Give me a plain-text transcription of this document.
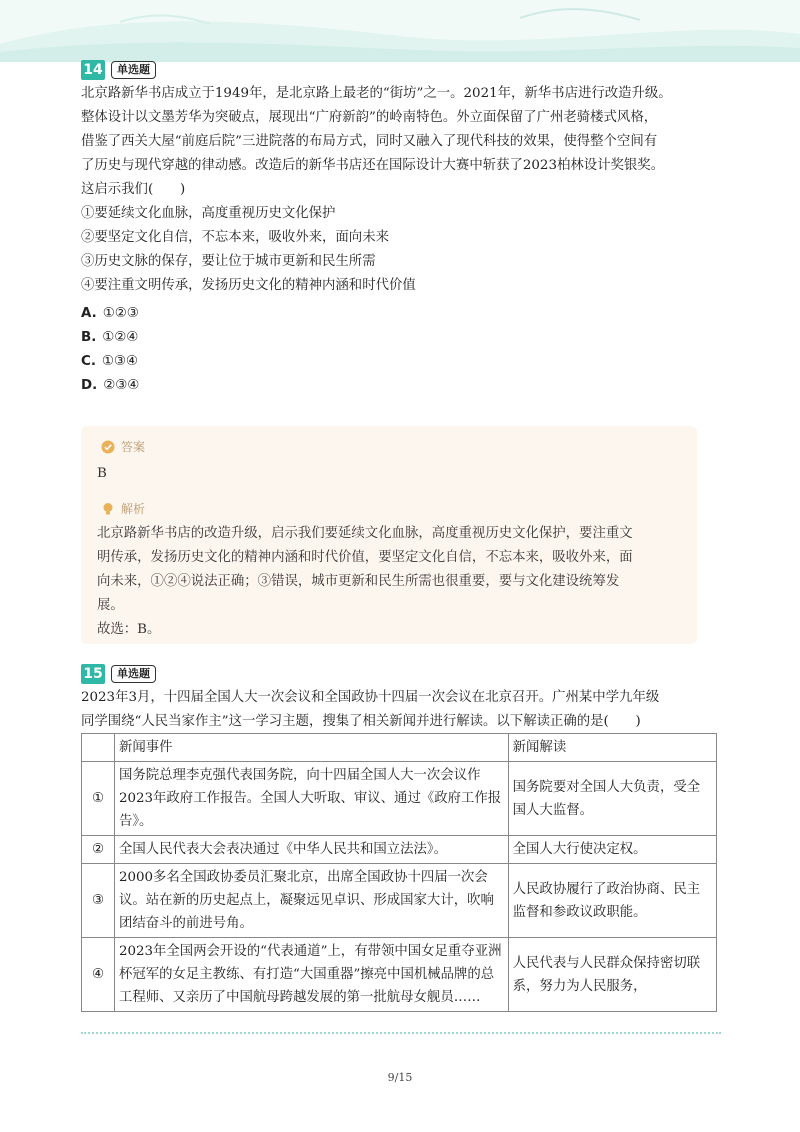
14	单选题

北京路新华书店成立于1949年，是北京路上最老的“街坊”之一。2021年，新华书店进行改造升级。

整体设计以文墨芳华为突破点，展现出“广府新韵”的岭南特色。外立面保留了广州老骑楼式风格，

借鉴了西关大屋“前庭后院”三进院落的布局方式，同时又融入了现代科技的效果，使得整个空间有

了历史与现代穿越的律动感。改造后的新华书店还在国际设计大赛中斩获了2023柏林设计奖银奖。

这启示我们(　　)

①要延续文化血脉，高度重视历史文化保护

②要坚定文化自信，不忘本来，吸收外来，面向未来

③历史文脉的保存，要让位于城市更新和民生所需

④要注重文明传承，发扬历史文化的精神内涵和时代价值

A. ①②③
B. ①②④
C. ①③④
D. ②③④
答案
B
解析
北京路新华书店的改造升级，启示我们要延续文化血脉，高度重视历史文化保护，要注重文
明传承，发扬历史文化的精神内涵和时代价值，要坚定文化自信，不忘本来，吸收外来，面
向未来，①②④说法正确；③错误，城市更新和民生所需也很重要，要与文化建设统筹发
展。
故选：B。
15	单选题

2023年3月，十四届全国人大一次会议和全国政协十四届一次会议在北京召开。广州某中学九年级

同学围绕“人民当家作主”这一学习主题，搜集了相关新闻并进行解读。以下解读正确的是(　　)

	新闻事件	新闻解读
①	国务院总理李克强代表国务院，向十四届全国人大一次会议作2023年政府工作报告。全国人大听取、审议、通过《政府工作报告》。	国务院要对全国人大负责，受全国人大监督。
②	全国人民代表大会表决通过《中华人民共和国立法法》。	全国人大行使决定权。
③	2000多名全国政协委员汇聚北京，出席全国政协十四届一次会议。站在新的历史起点上，凝聚远见卓识、形成国家大计，吹响团结奋斗的前进号角。	人民政协履行了政治协商、民主监督和参政议政职能。
④	2023年全国两会开设的“代表通道”上，有带领中国女足重夺亚洲杯冠军的女足主教练、有打造“大国重器”擦亮中国机械品牌的总工程师、又亲历了中国航母跨越发展的第一批航母女舰员……	人民代表与人民群众保持密切联系，努力为人民服务，
9/15
